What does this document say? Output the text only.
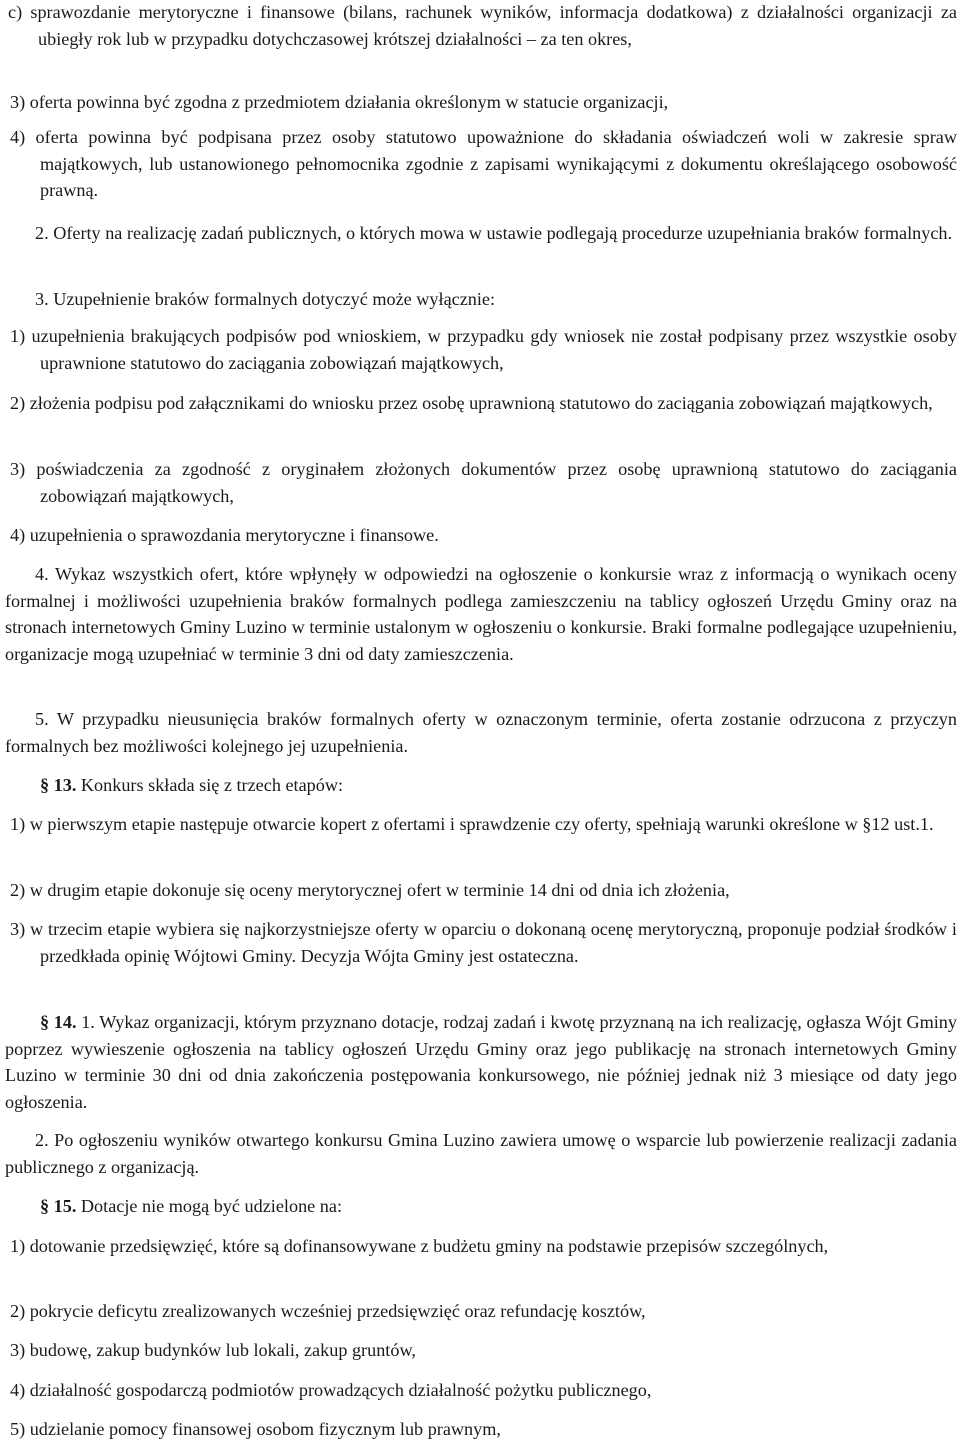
c) sprawozdanie merytoryczne i finansowe (bilans, rachunek wyników, informacja dodatkowa) z działalności organizacji za ubiegły rok lub w przypadku dotychczasowej krótszej działalności – za ten okres,

3) oferta powinna być zgodna z przedmiotem działania określonym w statucie organizacji,

4) oferta powinna być podpisana przez osoby statutowo upoważnione do składania oświadczeń woli w zakresie spraw majątkowych, lub ustanowionego pełnomocnika zgodnie z zapisami wynikającymi z dokumentu określającego osobowość prawną.

2. Oferty na realizację zadań publicznych, o których mowa w ustawie podlegają procedurze uzupełniania braków formalnych.

3. Uzupełnienie braków formalnych dotyczyć może wyłącznie:

1) uzupełnienia brakujących podpisów pod wnioskiem, w przypadku gdy wniosek nie został podpisany przez wszystkie osoby uprawnione statutowo do zaciągania zobowiązań majątkowych,

2) złożenia podpisu pod załącznikami do wniosku przez osobę uprawnioną statutowo do zaciągania zobowiązań majątkowych,

3) poświadczenia za zgodność z oryginałem złożonych dokumentów przez osobę uprawnioną statutowo do zaciągania zobowiązań majątkowych,

4) uzupełnienia o sprawozdania merytoryczne i finansowe.

4. Wykaz wszystkich ofert, które wpłynęły w odpowiedzi na ogłoszenie o konkursie wraz z informacją o wynikach oceny formalnej i możliwości uzupełnienia braków formalnych podlega zamieszczeniu na tablicy ogłoszeń Urzędu Gminy oraz na stronach internetowych Gminy Luzino w terminie ustalonym w ogłoszeniu o konkursie. Braki formalne podlegające uzupełnieniu, organizacje mogą uzupełniać w terminie 3 dni od daty zamieszczenia.

5. W przypadku nieusunięcia braków formalnych oferty w oznaczonym terminie, oferta zostanie odrzucona z przyczyn formalnych bez możliwości kolejnego jej uzupełnienia.

§ 13. Konkurs składa się z trzech etapów:

1) w pierwszym etapie następuje otwarcie kopert z ofertami i sprawdzenie czy oferty, spełniają warunki określone w §12 ust.1.

2) w drugim etapie dokonuje się oceny merytorycznej ofert w terminie 14 dni od dnia ich złożenia,

3) w trzecim etapie wybiera się najkorzystniejsze oferty w oparciu o dokonaną ocenę merytoryczną, proponuje podział środków i przedkłada opinię Wójtowi Gminy. Decyzja Wójta Gminy jest ostateczna.

§ 14. 1. Wykaz organizacji, którym przyznano dotacje, rodzaj zadań i kwotę przyznaną na ich realizację, ogłasza Wójt Gminy poprzez wywieszenie ogłoszenia na tablicy ogłoszeń Urzędu Gminy oraz jego publikację na stronach internetowych Gminy Luzino w terminie 30 dni od dnia zakończenia postępowania konkursowego, nie później jednak niż 3 miesiące od daty jego ogłoszenia.

2. Po ogłoszeniu wyników otwartego konkursu Gmina Luzino zawiera umowę o wsparcie lub powierzenie realizacji zadania publicznego z organizacją.

§ 15. Dotacje nie mogą być udzielone na:

1) dotowanie przedsięwzięć, które są dofinansowywane z budżetu gminy na podstawie przepisów szczególnych,

2) pokrycie deficytu zrealizowanych wcześniej przedsięwzięć oraz refundację kosztów,

3) budowę, zakup budynków lub lokali, zakup gruntów,

4) działalność gospodarczą podmiotów prowadzących działalność pożytku publicznego,

5) udzielanie pomocy finansowej osobom fizycznym lub prawnym,
